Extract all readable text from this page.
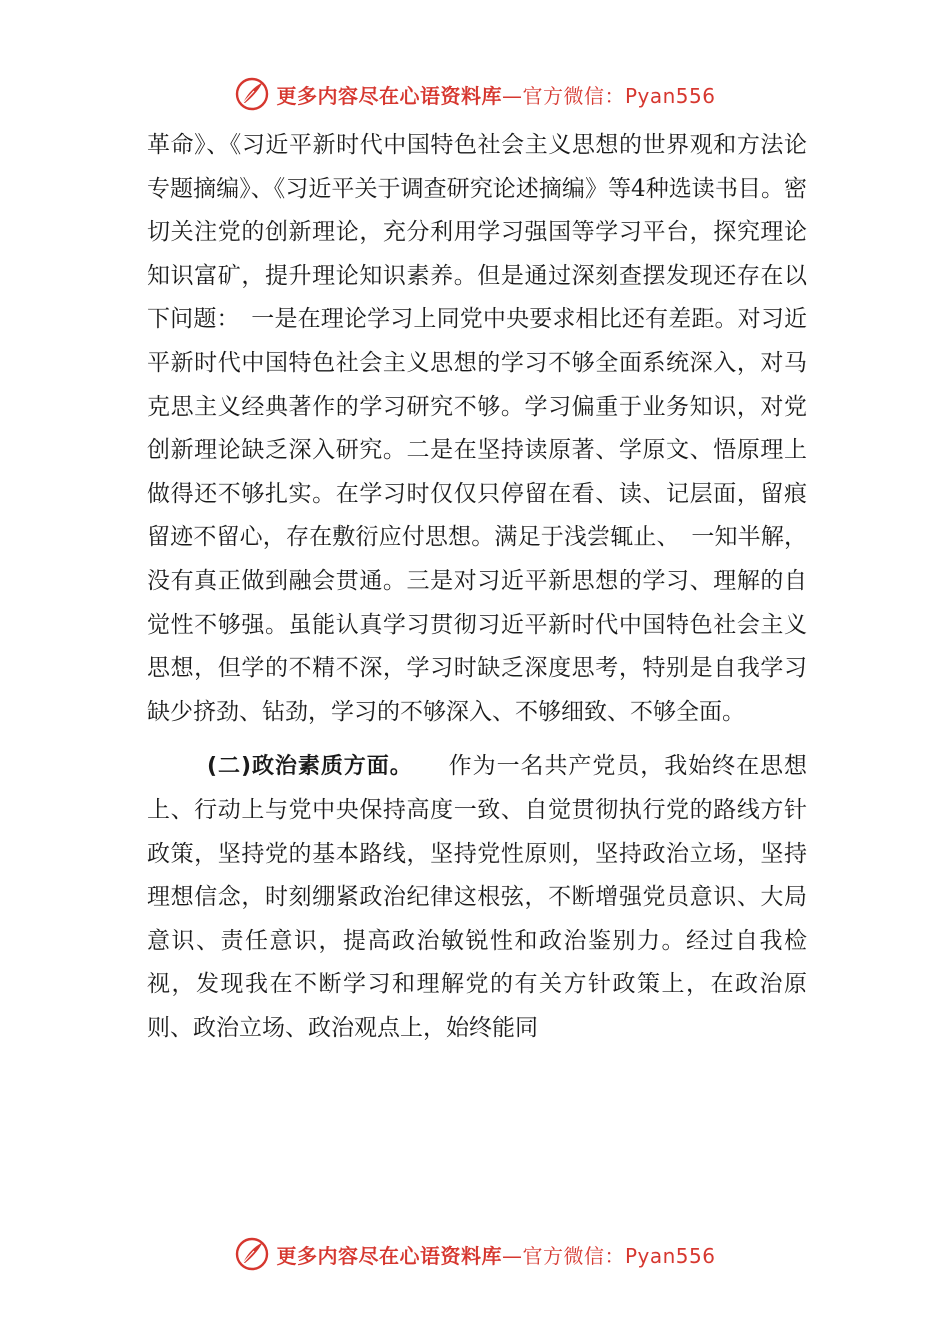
更多内容尽在心语资料库—官方微信：Pyan556

革命》、《习近平新时代中国特色社会主义思想的世界观和方法论专题摘编》、《习近平关于调查研究论述摘编》等4种选读书目。密切关注党的创新理论，充分利用学习强国等学习平台，探究理论知识富矿，提升理论知识素养。但是通过深刻查摆发现还存在以下问题：　一是在理论学习上同党中央要求相比还有差距。对习近平新时代中国特色社会主义思想的学习不够全面系统深入，对马克思主义经典著作的学习研究不够。学习偏重于业务知识，对党创新理论缺乏深入研究。二是在坚持读原著、学原文、悟原理上做得还不够扎实。在学习时仅仅只停留在看、读、记层面，留痕留迹不留心，存在敷衍应付思想。满足于浅尝辄止、　一知半解，没有真正做到融会贯通。三是对习近平新思想的学习、理解的自觉性不够强。虽能认真学习贯彻习近平新时代中国特色社会主义思想，但学的不精不深，学习时缺乏深度思考，特别是自我学习缺少挤劲、钻劲，学习的不够深入、不够细致、不够全面。

(二)政治素质方面。 作为一名共产党员，我始终在思想上、行动上与党中央保持高度一致、自觉贯彻执行党的路线方针政策，坚持党的基本路线，坚持党性原则，坚持政治立场，坚持理想信念，时刻绷紧政治纪律这根弦，不断增强党员意识、大局意识、责任意识，提高政治敏锐性和政治鉴别力。经过自我检视，发现我在不断学习和理解党的有关方针政策上，在政治原则、政治立场、政治观点上，始终能同

更多内容尽在心语资料库—官方微信：Pyan556
